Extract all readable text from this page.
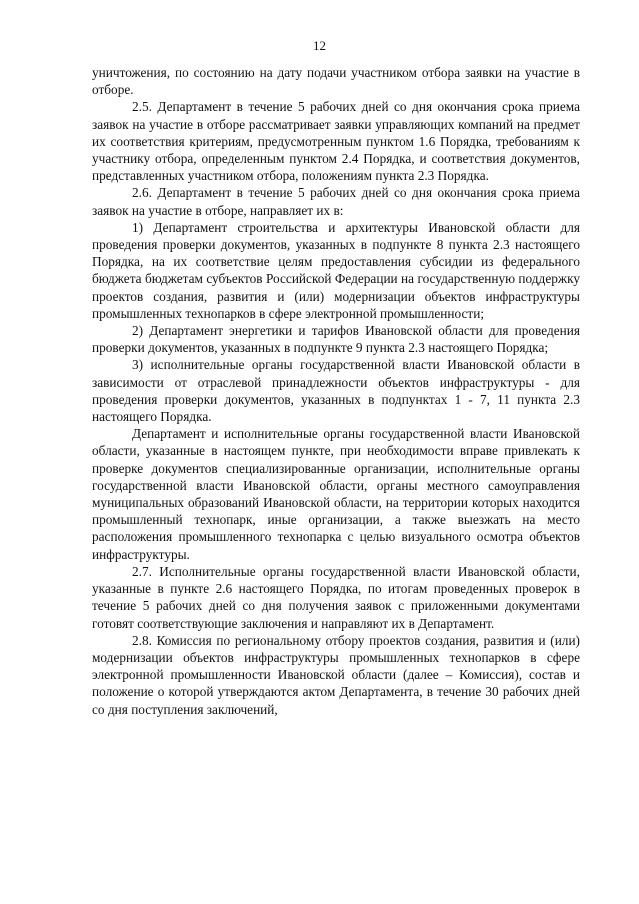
12

уничтожения, по состоянию на дату подачи участником отбора заявки на участие в отборе.

2.5. Департамент в течение 5 рабочих дней со дня окончания срока приема заявок на участие в отборе рассматривает заявки управляющих компаний на предмет их соответствия критериям, предусмотренным пунктом 1.6 Порядка, требованиям к участнику отбора, определенным пунктом 2.4 Порядка, и соответствия документов, представленных участником отбора, положениям пункта 2.3 Порядка.

2.6. Департамент в течение 5 рабочих дней со дня окончания срока приема заявок на участие в отборе, направляет их в:

1) Департамент строительства и архитектуры Ивановской области для проведения проверки документов, указанных в подпункте 8 пункта 2.3 настоящего Порядка, на их соответствие целям предоставления субсидии из федерального бюджета бюджетам субъектов Российской Федерации на государственную поддержку проектов создания, развития и (или) модернизации объектов инфраструктуры промышленных технопарков в сфере электронной промышленности;

2) Департамент энергетики и тарифов Ивановской области для проведения проверки документов, указанных в подпункте 9 пункта 2.3 настоящего Порядка;

3) исполнительные органы государственной власти Ивановской области в зависимости от отраслевой принадлежности объектов инфраструктуры - для проведения проверки документов, указанных в подпунктах 1 - 7, 11 пункта 2.3 настоящего Порядка.

Департамент и исполнительные органы государственной власти Ивановской области, указанные в настоящем пункте, при необходимости вправе привлекать к проверке документов специализированные организации, исполнительные органы государственной власти Ивановской области, органы местного самоуправления муниципальных образований Ивановской области, на территории которых находится промышленный технопарк, иные организации, а также выезжать на место расположения промышленного технопарка с целью визуального осмотра объектов инфраструктуры.

2.7. Исполнительные органы государственной власти Ивановской области, указанные в пункте 2.6 настоящего Порядка, по итогам проведенных проверок в течение 5 рабочих дней со дня получения заявок с приложенными документами готовят соответствующие заключения и направляют их в Департамент.

2.8. Комиссия по региональному отбору проектов создания, развития и (или) модернизации объектов инфраструктуры промышленных технопарков в сфере электронной промышленности Ивановской области (далее – Комиссия), состав и положение о которой утверждаются актом Департамента, в течение 30 рабочих дней со дня поступления заключений,
